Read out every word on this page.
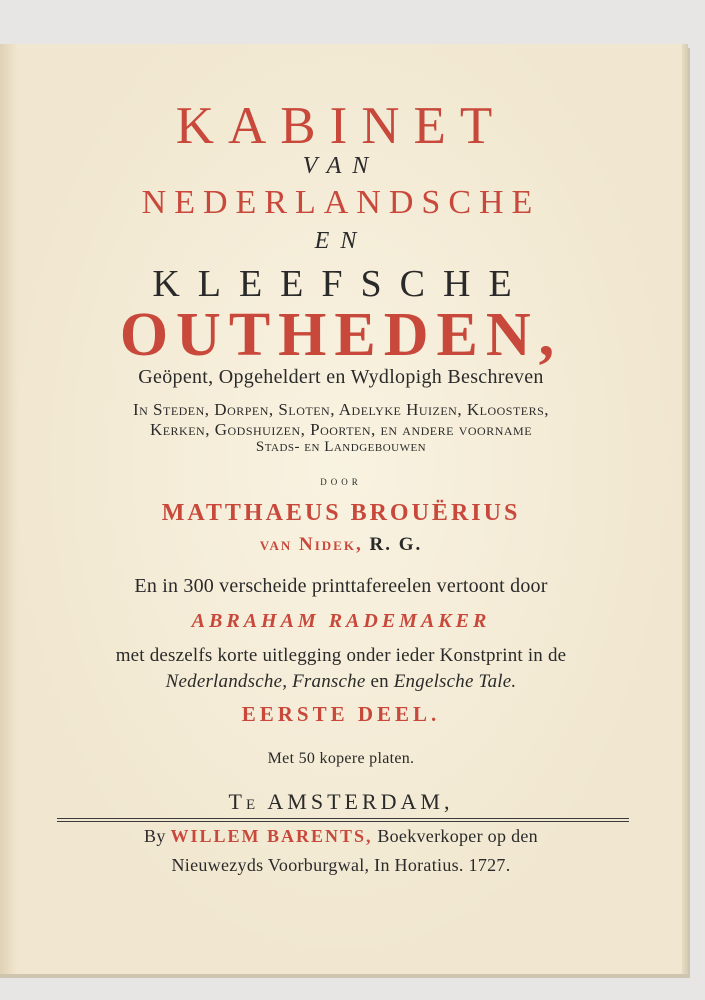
KABINET
VAN
NEDERLANDSCHE
EN
KLEEFSCHE
OUTHEDEN,
Geöpent, Opgeheldert en Wydlopigh Beschreven
In Steden, Dorpen, Sloten, Adelyke Huizen, Kloosters,
Kerken, Godshuizen, Poorten, en andere voorname
Stads- en Landgebouwen
door
MATTHAEUS BROUËRIUS
van Nidek, R. G.
En in 300 verscheide printtafereelen vertoont door
ABRAHAM RADEMAKER
met deszelfs korte uitlegging onder ieder Konstprint in de
Nederlandsche, Fransche en Engelsche Tale.
EERSTE DEEL.
Met 50 kopere platen.
Te AMSTERDAM,
By WILLEM BARENTS, Boekverkoper op den
Nieuwezyds Voorburgwal, In Horatius. 1727.
